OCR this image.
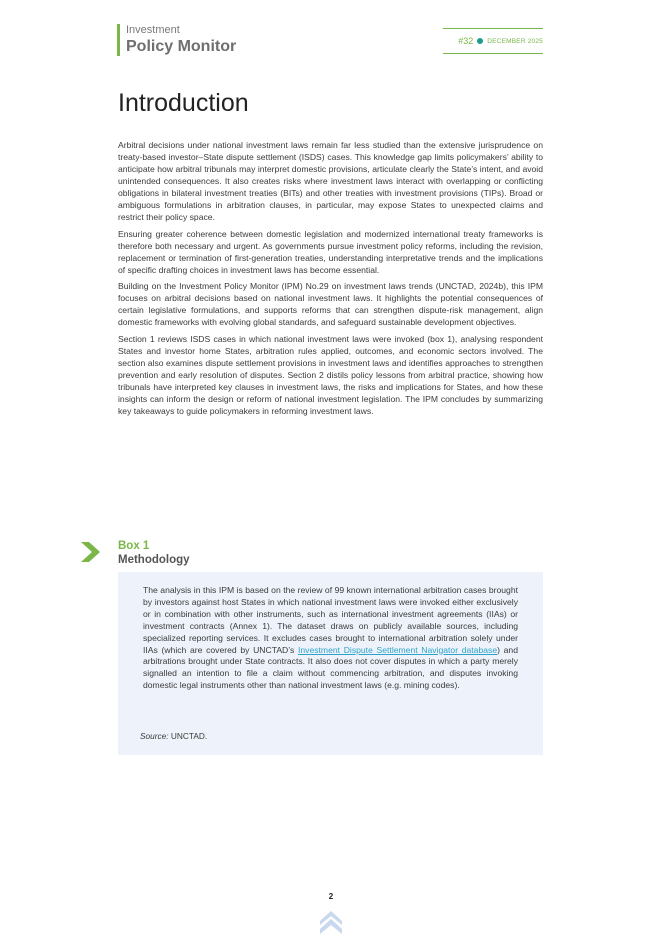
Investment
Policy Monitor	#32 DECEMBER 2025
Introduction

Arbitral decisions under national investment laws remain far less studied than the extensive jurisprudence on treaty-based investor–State dispute settlement (ISDS) cases. This knowledge gap limits policymakers’ ability to anticipate how arbitral tribunals may interpret domestic provisions, articulate clearly the State’s intent, and avoid unintended consequences. It also creates risks where investment laws interact with overlapping or conflicting obligations in bilateral investment treaties (BITs) and other treaties with investment provisions (TIPs). Broad or ambiguous formulations in arbitration clauses, in particular, may expose States to unexpected claims and restrict their policy space.

Ensuring greater coherence between domestic legislation and modernized international treaty frameworks is therefore both necessary and urgent. As governments pursue investment policy reforms, including the revision, replacement or termination of first-generation treaties, understanding interpretative trends and the implications of specific drafting choices in investment laws has become essential.

Building on the Investment Policy Monitor (IPM) No.29 on investment laws trends (UNCTAD, 2024b), this IPM focuses on arbitral decisions based on national investment laws. It highlights the potential consequences of certain legislative formulations, and supports reforms that can strengthen dispute-risk management, align domestic frameworks with evolving global standards, and safeguard sustainable development objectives.

Section 1 reviews ISDS cases in which national investment laws were invoked (box 1), analysing respondent States and investor home States, arbitration rules applied, outcomes, and economic sectors involved. The section also examines dispute settlement provisions in investment laws and identifies approaches to strengthen prevention and early resolution of disputes. Section 2 distils policy lessons from arbitral practice, showing how tribunals have interpreted key clauses in investment laws, the risks and implications for States, and how these insights can inform the design or reform of national investment legislation. The IPM concludes by summarizing key takeaways to guide policymakers in reforming investment laws.

Box 1
Methodology

The analysis in this IPM is based on the review of 99 known international arbitration cases brought by investors against host States in which national investment laws were invoked either exclusively or in combination with other instruments, such as international investment agreements (IIAs) or investment contracts (Annex 1). The dataset draws on publicly available sources, including specialized reporting services. It excludes cases brought to international arbitration solely under IIAs (which are covered by UNCTAD’s Investment Dispute Settlement Navigator database) and arbitrations brought under State contracts. It also does not cover disputes in which a party merely signalled an intention to file a claim without commencing arbitration, and disputes invoking domestic legal instruments other than national investment laws (e.g. mining codes).

Source: UNCTAD.
2
